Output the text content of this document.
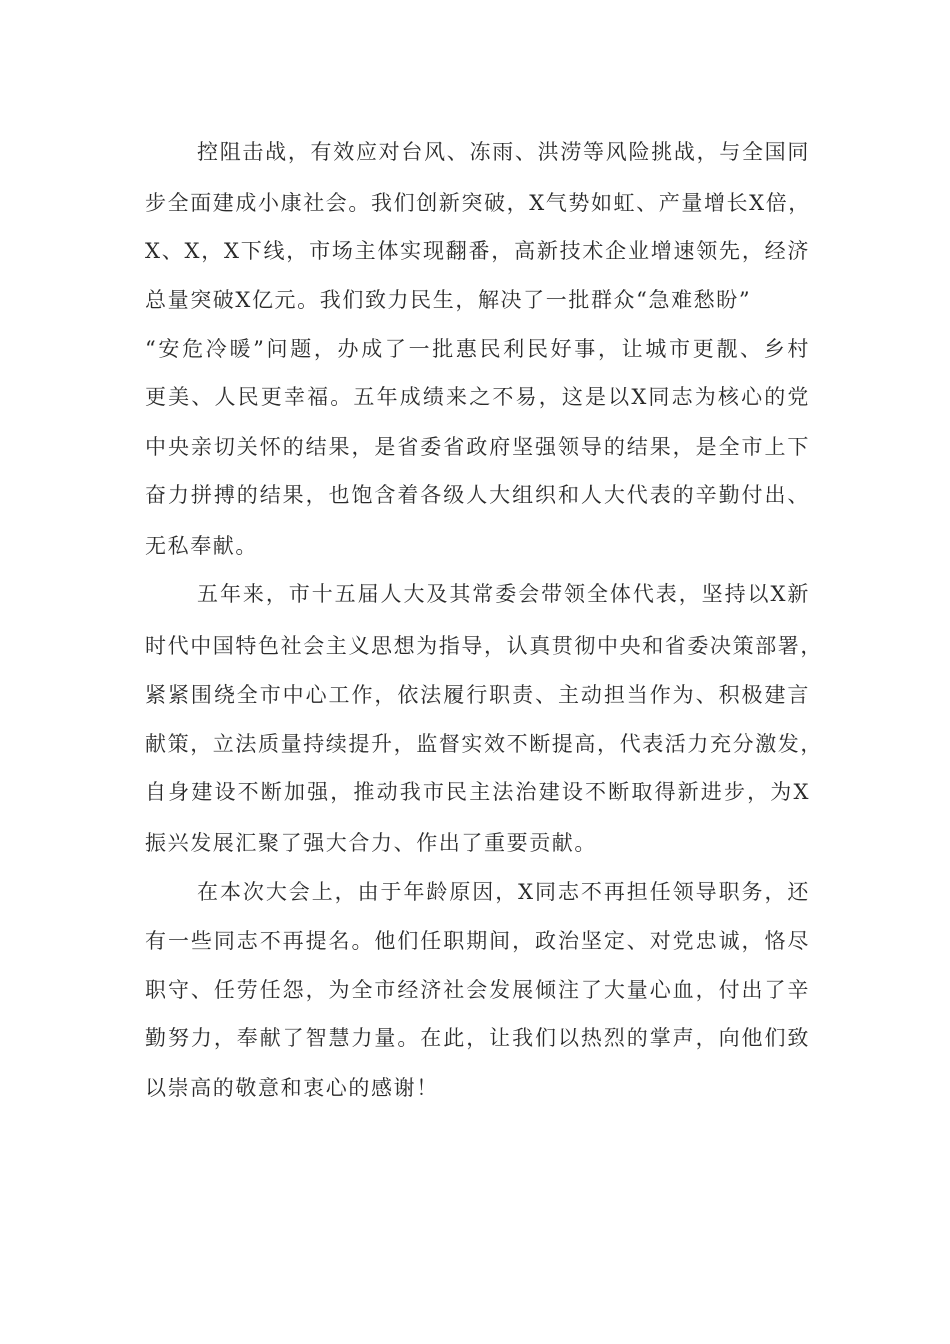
控阻击战，有效应对台风、冻雨、洪涝等风险挑战，与全国同
步全面建成小康社会。我们创新突破，X气势如虹、产量增长X倍，
X、X，X下线，市场主体实现翻番，高新技术企业增速领先，经济
总量突破X亿元。我们致力民生，解决了一批群众“急难愁盼”
“安危冷暖”问题，办成了一批惠民利民好事，让城市更靓、乡村
更美、人民更幸福。五年成绩来之不易，这是以X同志为核心的党
中央亲切关怀的结果，是省委省政府坚强领导的结果，是全市上下
奋力拼搏的结果，也饱含着各级人大组织和人大代表的辛勤付出、
无私奉献。
五年来，市十五届人大及其常委会带领全体代表，坚持以X新
时代中国特色社会主义思想为指导，认真贯彻中央和省委决策部署，
紧紧围绕全市中心工作，依法履行职责、主动担当作为、积极建言
献策，立法质量持续提升，监督实效不断提高，代表活力充分激发，
自身建设不断加强，推动我市民主法治建设不断取得新进步，为X
振兴发展汇聚了强大合力、作出了重要贡献。
在本次大会上，由于年龄原因，X同志不再担任领导职务，还
有一些同志不再提名。他们任职期间，政治坚定、对党忠诚，恪尽
职守、任劳任怨，为全市经济社会发展倾注了大量心血，付出了辛
勤努力，奉献了智慧力量。在此，让我们以热烈的掌声，向他们致
以崇高的敬意和衷心的感谢！
